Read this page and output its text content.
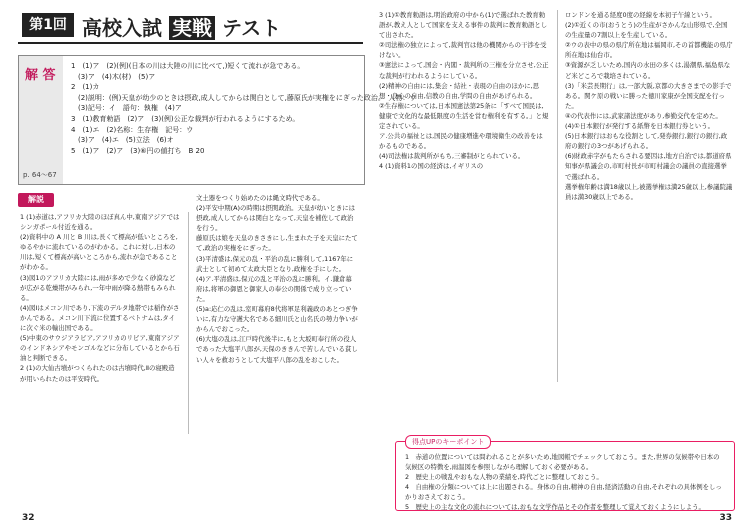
第1回 高校入試 実戦 テスト
解 答
p. 64～67
1　(1)ア　(2)(例)(日本の川は大陸の川に比べて,)短くて流れが急である。
　(3)ア　(4)木(材)　(5)ア
2　(1)カ
　(2)説明：(例)天皇が幼少のときは摂政,成人してからは関白として,藤原氏が実権をにぎった政治。　人物：ウ
　(3)記号：イ　語句：執権　(4)ア
3　(1)教育勅語　(2)ア　(3)(例)公正な裁判が行われるようにするため。
4　(1)エ　(2)名称：生存権　記号：ウ
　(3)ア　(4)エ　(5)立法　(6)オ
5　(1)ア　(2)ア　(3)⑥円の値打ち　B 20
解説

1 (1)赤道は,アフリカ大陸のほぼ真ん中,東南アジアではシンガポール付近を通る。

(2)資料中の A 川と B 川は,長くて標高が低いところを,ゆるやかに流れているのがわかる。これに対し,日本の川は,短くて標高が高いところから,流れが急であることがわかる。

(3)図1のアフリカ大陸には,雨が多めで少なく砂漠などが広がる乾燥帯がみられ,一年中雨が降る熱帯もみられる。

(4)図Iはメコン川であり,下流のデルタ地帯では稲作がさかんである。メコン川下流に位置するベトナムは,タイに次ぐ米の輸出国である。

(5)中東のサウジアラビア,アフリカのリビア,東南アジアのインドネシアやモンゴルなどに分布しているとから石油と判断できる。

2 (1)の大仙古墳がつくられたのは古墳時代,Ⅱの寝殿造が用いられたのは平安時代。

文土器をつくり始めたのは縄文時代である。

(2)平安中期(A)の時期は摂関政治。天皇が幼いときには摂政,成人してからは関白となって,天皇を補佐して政治を行う。

藤原氏は娘を天皇のきさきにし,生まれた子を天皇にたてて,政治の実権をにぎった。

(3)平清盛は,保元の乱・平治の乱に勝利して,1167年に武士として初めて太政大臣となり,政権を手にした。

(4)ア.平清盛は,保元の乱と平治の乱に勝利。イ.鎌倉幕府は,将軍の御恩と御家人の奉公の関係で成り立っていた。

(5)a:応仁の乱は,室町幕府8代将軍足利義政のあとつぎ争いに,有力な守護大名である細川氏と山名氏の勢力争いがからんでおこった。

(6)大塩の乱は,江戸時代後半に,もと大坂町奉行所の役人であった大塩平八郎が,天保のききんで苦しんでいる貧しい人々を救おうとして大塩平八郎の乱をおこした。

32

3 (1)①教育勅語は,明治政府の中から(1)で選ばれた教育勅語が,教え人として国家を支える事件の裁判に教育勅語として出された。

②司法権の独立によって,裁判官は他の機関からの干渉を受けない。

③憲法によって,国会・内閣・裁判所の三権を分立させ,公正な裁判が行われるようにしている。

(2)精神の自由には,集会・結社・表現の自由のほかに,思想・良心の自由,信教の自由,学問の自由があげられる。

②生存権については,日本国憲法第25条に「すべて国民は,健康で文化的な最低限度の生活を営む権利を有する。」と規定されている。

ア.公共の福祉とは,国民の健康増進や環境衛生の改善をはかるものである。

(4)司法権は裁判所がもち,三審制がとられている。

4 (1)資料1の国の経済は,イギリスの

ロンドンを通る経度0度の経線を本初子午線という。

(2)①近くの市(おうとう)の生産がさかんな山形県で,全国の生産量の7割以上を生産している。

②ウの表中の県の県庁所在地は福岡市,その首都機能の県庁所在地は仙台市。

③資源が乏しいため,国内の水田の多くは,湯潮県,福島県など米どころで栽培されている。

(3)「米芸長期行」は,一部大阪,京都の大きさまでの影手である。関ケ原の戦いに勝った徳川家康が全国支配を行った。

④の代表作には,武家諸法度があり,参勤交代を定めた。

(4)①日本銀行が発行する紙幣を日本銀行券という。

(5)日本銀行はおもな役割として,発券銀行,銀行の銀行,政府の銀行の3つがあげられる。

(6)財政赤字がもたらされる要因は,地方自治では,都道府県知事が県議会の,市町村長が市町村議会の議員の直接選挙で選ばれる。

選挙権年齢は満18歳以上,被選挙権は満25歳以上,参議院議員は満30歳以上である。

得点UPのキーポイント
1　赤道の位置については問われることが多いため,地図帳でチェックしておこう。また,世界の気候帯や日本の気候区の特徴を,雨温図を参照しながら理解しておく必要がある。
2　歴史上の戦乱やおもな人物の業績を,時代ごとに整理しておこう。
4　自由権の分類については上に出題される。身体の自由,精神の自由,経済活動の自由,それぞれの具体例をしっかりおさえておこう。
5　歴史上の主な文化の流れについては,おもな文学作品とその作者を整理して覚えておくようにしよう。
33
